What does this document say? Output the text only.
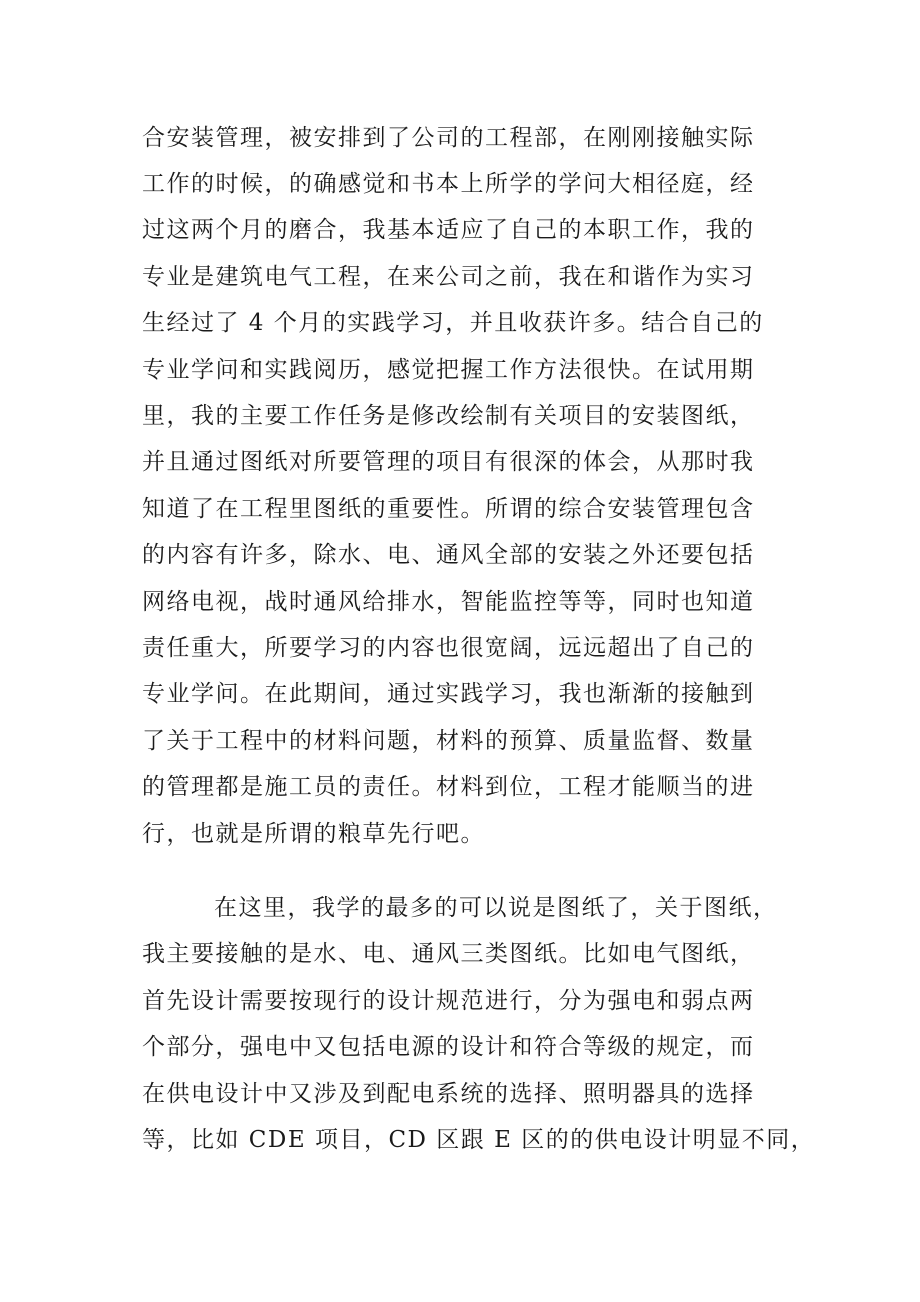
合安装管理，被安排到了公司的工程部，在刚刚接触实际
工作的时候，的确感觉和书本上所学的学问大相径庭，经
过这两个月的磨合，我基本适应了自己的本职工作，我的
专业是建筑电气工程，在来公司之前，我在和谐作为实习
生经过了 4 个月的实践学习，并且收获许多。结合自己的
专业学问和实践阅历，感觉把握工作方法很快。在试用期
里，我的主要工作任务是修改绘制有关项目的安装图纸，
并且通过图纸对所要管理的项目有很深的体会，从那时我
知道了在工程里图纸的重要性。所谓的综合安装管理包含
的内容有许多，除水、电、通风全部的安装之外还要包括
网络电视，战时通风给排水，智能监控等等，同时也知道
责任重大，所要学习的内容也很宽阔，远远超出了自己的
专业学问。在此期间，通过实践学习，我也渐渐的接触到
了关于工程中的材料问题，材料的预算、质量监督、数量
的管理都是施工员的责任。材料到位，工程才能顺当的进
行，也就是所谓的粮草先行吧。
在这里，我学的最多的可以说是图纸了，关于图纸，
我主要接触的是水、电、通风三类图纸。比如电气图纸，
首先设计需要按现行的设计规范进行，分为强电和弱点两
个部分，强电中又包括电源的设计和符合等级的规定，而
在供电设计中又涉及到配电系统的选择、照明器具的选择
等，比如 CDE 项目，CD 区跟 E 区的的供电设计明显不同，
